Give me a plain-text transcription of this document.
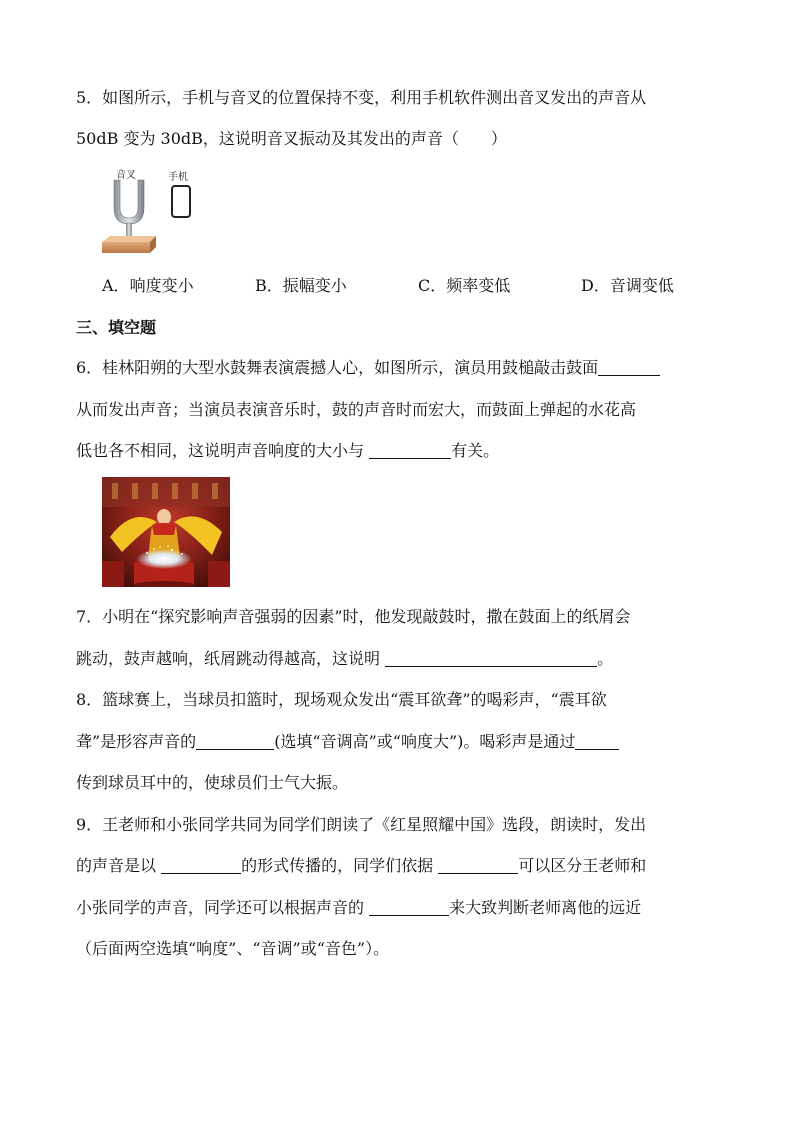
5．如图所示，手机与音叉的位置保持不变，利用手机软件测出音叉发出的声音从
50dB 变为 30dB，这说明音叉振动及其发出的声音（　　）
音叉	手机
A．响度变小	B．振幅变小	C．频率变低	D．音调变低
三、填空题
6．桂林阳朔的大型水鼓舞表演震撼人心，如图所示，演员用鼓槌敲击鼓面
从而发出声音；当演员表演音乐时，鼓的声音时而宏大，而鼓面上弹起的水花高
低也各不相同，这说明声音响度的大小与	有关。
7．小明在“探究影响声音强弱的因素”时，他发现敲鼓时，撒在鼓面上的纸屑会
跳动，鼓声越响，纸屑跳动得越高，这说明	。
8．篮球赛上，当球员扣篮时，现场观众发出“震耳欲聋”的喝彩声，“震耳欲
聋”是形容声音的	(选填“音调高”或“响度大”)。喝彩声是通过
传到球员耳中的，使球员们士气大振。
9．王老师和小张同学共同为同学们朗读了《红星照耀中国》选段，朗读时，发出
的声音是以	的形式传播的，同学们依据	可以区分王老师和
小张同学的声音，同学还可以根据声音的	来大致判断老师离他的远近
（后面两空选填“响度”、“音调”或“音色”）。
